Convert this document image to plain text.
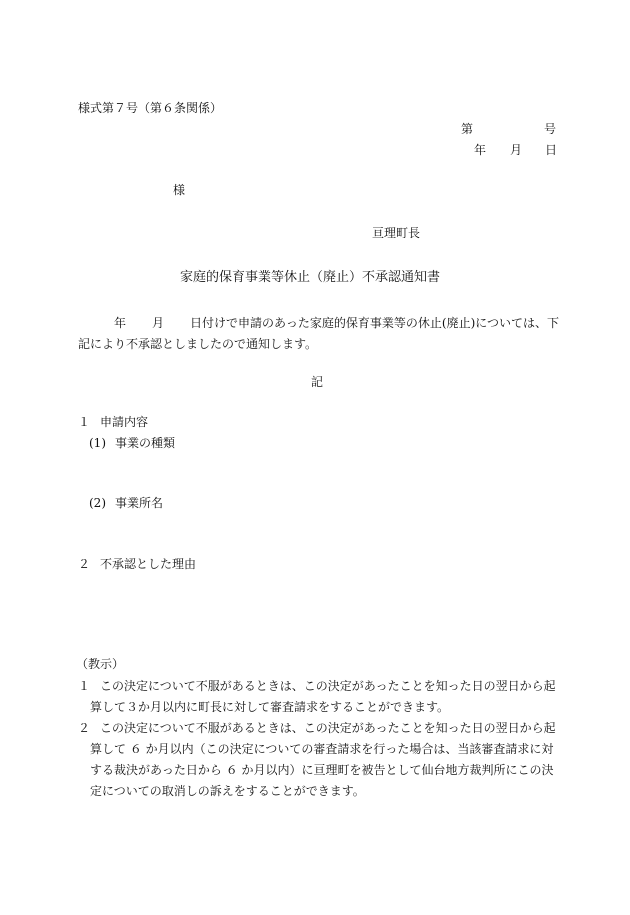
様式第７号（第６条関係）
第	号
年 月 日
様
亘理町長
家庭的保育事業等休止（廃止）不承認通知書
年 月 日付けで申請のあった家庭的保育事業等の休止(廃止)については、下記により不承認としましたので通知します。
記
１ 申請内容
(1) 事業の種類
(2) 事業所名
２ 不承認とした理由
（教示）
１ この決定について不服があるときは、この決定があったことを知った日の翌日から起算して３か月以内に町長に対して審査請求をすることができます。
２ この決定について不服があるときは、この決定があったことを知った日の翌日から起算して ６ か月以内（この決定についての審査請求を行った場合は、当該審査請求に対する裁決があった日から ６ か月以内）に亘理町を被告として仙台地方裁判所にこの決定についての取消しの訴えをすることができます。
